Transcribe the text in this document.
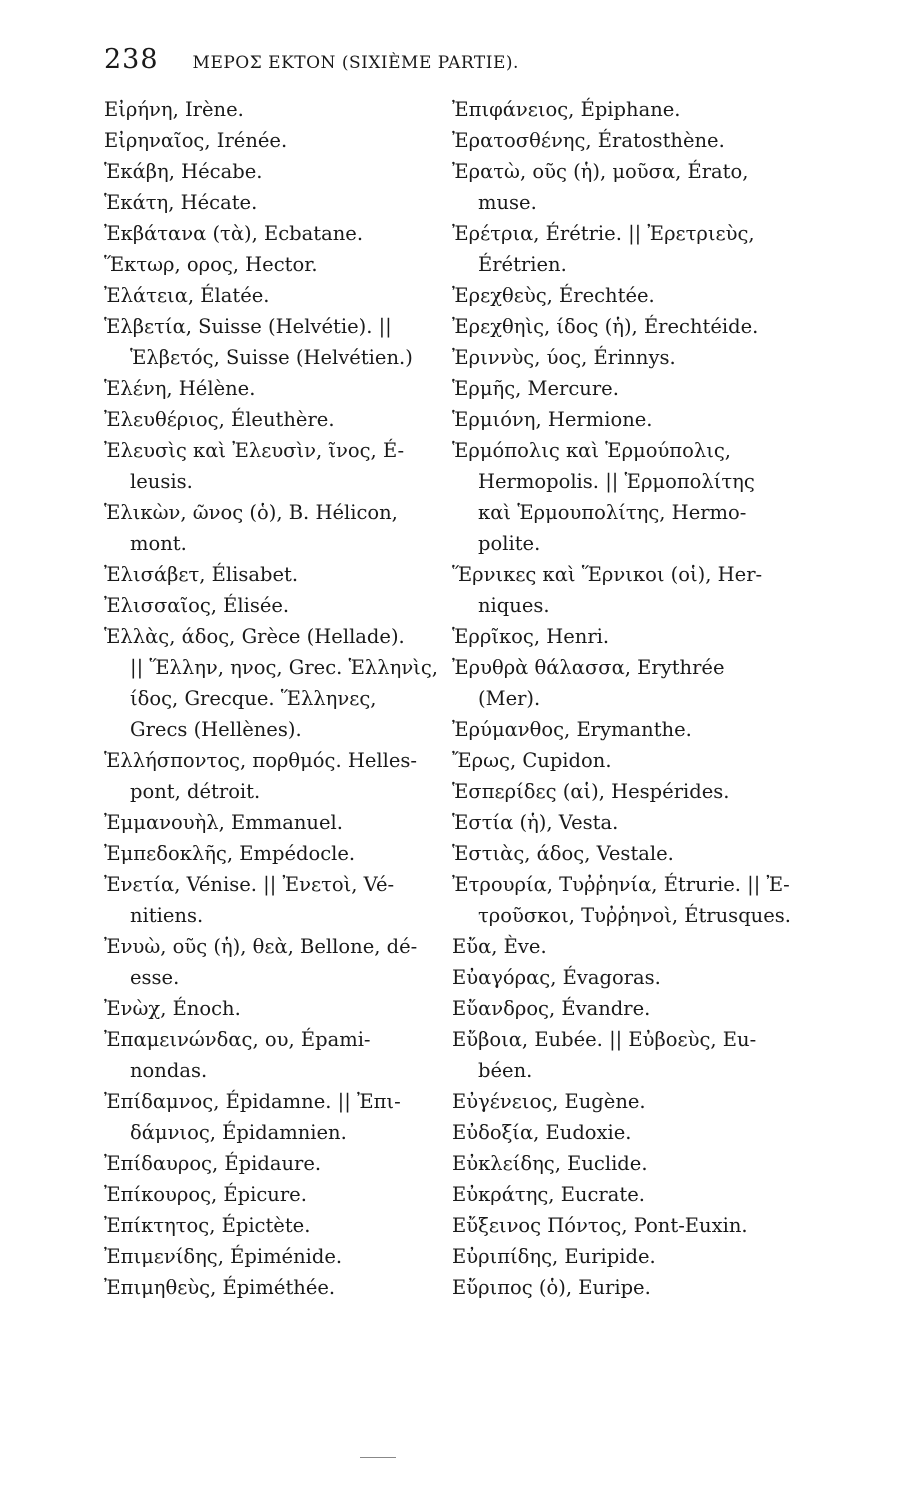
238 ΜΕΡΟΣ ΕΚΤΟΝ (SIXIÈME PARTIE).
Εἰρήνη, Irène.
Εἰρηναῖος, Irénée.
Ἑκάβη, Hécabe.
Ἑκάτη, Hécate.
Ἐκβάτανα (τὰ), Ecbatane.
Ἕκτωρ, ορος, Hector.
Ἐλάτεια, Élatée.
Ἑλβετία, Suisse (Helvétie). ||
Ἑλβετός, Suisse (Helvétien.)
Ἑλένη, Hélène.
Ἐλευθέριος, Éleuthère.
Ἐλευσὶς καὶ Ἐλευσὶν, ῖνος, É-
leusis.
Ἑλικὼν, ῶνος (ὁ), B. Hélicon,
mont.
Ἐλισάβετ, Élisabet.
Ἐλισσαῖος, Élisée.
Ἑλλὰς, άδος, Grèce (Hellade).
|| Ἕλλην, ηνος, Grec. Ἑλληνὶς,
ίδος, Grecque. Ἕλληνες,
Grecs (Hellènes).
Ἑλλήσποντος, πορθμός. Helles-
pont, détroit.
Ἐμμανουὴλ, Emmanuel.
Ἐμπεδοκλῆς, Empédocle.
Ἐνετία, Vénise. || Ἐνετοὶ, Vé-
nitiens.
Ἐνυὼ, οῦς (ἡ), θεὰ, Bellone, dé-
esse.
Ἐνὼχ, Énoch.
Ἐπαμεινώνδας, ου, Épami-
nondas.
Ἐπίδαμνος, Épidamne. || Ἐπι-
δάμνιος, Épidamnien.
Ἐπίδαυρος, Épidaure.
Ἐπίκουρος, Épicure.
Ἐπίκτητος, Épictète.
Ἐπιμενίδης, Épiménide.
Ἐπιμηθεὺς, Épiméthée.
Ἐπιφάνειος, Épiphane.
Ἐρατοσθένης, Ératosthène.
Ἐρατὼ, οῦς (ἡ), μοῦσα, Érato,
muse.
Ἐρέτρια, Érétrie. || Ἐρετριεὺς,
Érétrien.
Ἐρεχθεὺς, Érechtée.
Ἐρεχθηὶς, ίδος (ἡ), Érechtéide.
Ἐριννὺς, ύος, Érinnys.
Ἑρμῆς, Mercure.
Ἑρμιόνη, Hermione.
Ἑρμόπολις καὶ Ἑρμούπολις,
Hermopolis. || Ἑρμοπολίτης
καὶ Ἑρμουπολίτης, Hermo-
polite.
Ἕρνικες καὶ Ἕρνικοι (οἱ), Her-
niques.
Ἑρρῖκος, Henri.
Ἐρυθρὰ θάλασσα, Erythrée
(Mer).
Ἐρύμανθος, Erymanthe.
Ἔρως, Cupidon.
Ἑσπερίδες (αἱ), Hespérides.
Ἑστία (ἡ), Vesta.
Ἑστιὰς, άδος, Vestale.
Ἐτρουρία, Τυῤῥηνία, Étrurie. || Ἐ-
τροῦσκοι, Τυῤῥηνοὶ, Étrusques.
Εὔα, Ève.
Εὐαγόρας, Évagoras.
Εὔανδρος, Évandre.
Εὔβοια, Eubée. || Εὐβοεὺς, Eu-
béen.
Εὐγένειος, Eugène.
Εὐδοξία, Eudoxie.
Εὐκλείδης, Euclide.
Εὐκράτης, Eucrate.
Εὔξεινος Πόντος, Pont-Euxin.
Εὐριπίδης, Euripide.
Εὔριπος (ὁ), Euripe.
